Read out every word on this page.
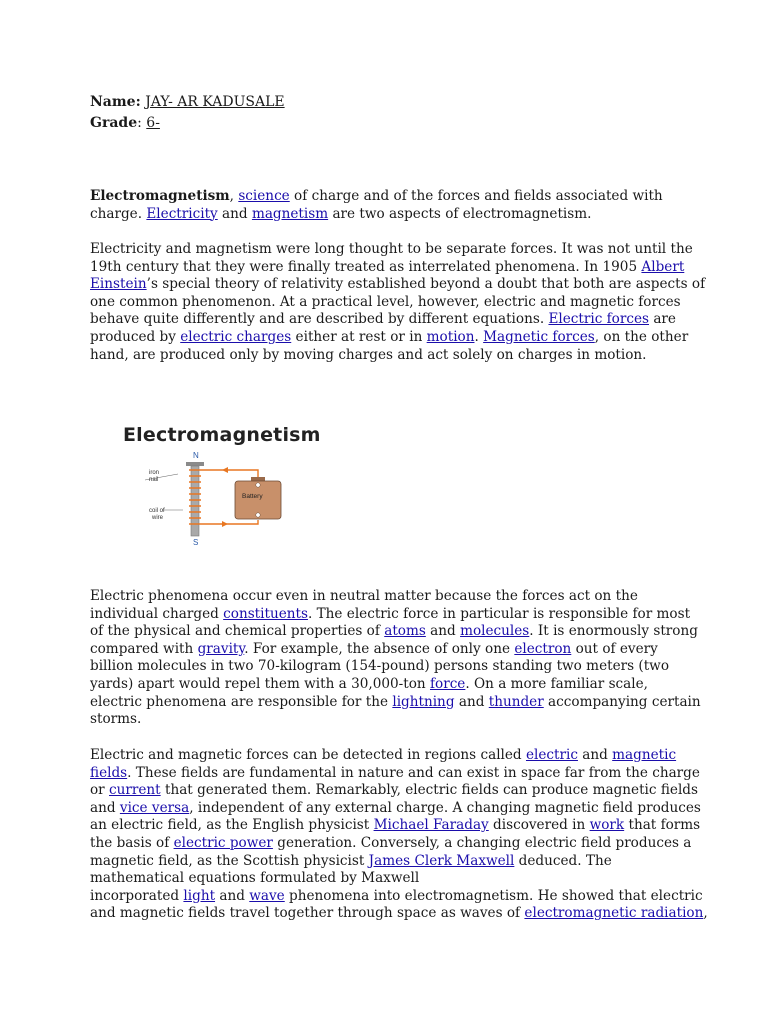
Name: JAY- AR KADUSALE
Grade: 6-

Electromagnetism, science of charge and of the forces and fields associated with
charge. Electricity and magnetism are two aspects of electromagnetism.

Electricity and magnetism were long thought to be separate forces. It was not until the
19th century that they were finally treated as interrelated phenomena. In 1905 Albert
Einstein’s special theory of relativity established beyond a doubt that both are aspects of
one common phenomenon. At a practical level, however, electric and magnetic forces
behave quite differently and are described by different equations. Electric forces are
produced by electric charges either at rest or in motion. Magnetic forces, on the other
hand, are produced only by moving charges and act solely on charges in motion.

Electromagnetism
N
S
iron
nail
coil of
wire
Battery

Electric phenomena occur even in neutral matter because the forces act on the
individual charged constituents. The electric force in particular is responsible for most
of the physical and chemical properties of atoms and molecules. It is enormously strong
compared with gravity. For example, the absence of only one electron out of every
billion molecules in two 70-kilogram (154-pound) persons standing two meters (two
yards) apart would repel them with a 30,000-ton force. On a more familiar scale,
electric phenomena are responsible for the lightning and thunder accompanying certain
storms.

Electric and magnetic forces can be detected in regions called electric and magnetic
fields. These fields are fundamental in nature and can exist in space far from the charge
or current that generated them. Remarkably, electric fields can produce magnetic fields
and vice versa, independent of any external charge. A changing magnetic field produces
an electric field, as the English physicist Michael Faraday discovered in work that forms
the basis of electric power generation. Conversely, a changing electric field produces a
magnetic field, as the Scottish physicist James Clerk Maxwell deduced. The
mathematical equations formulated by Maxwell
incorporated light and wave phenomena into electromagnetism. He showed that electric
and magnetic fields travel together through space as waves of electromagnetic radiation,
